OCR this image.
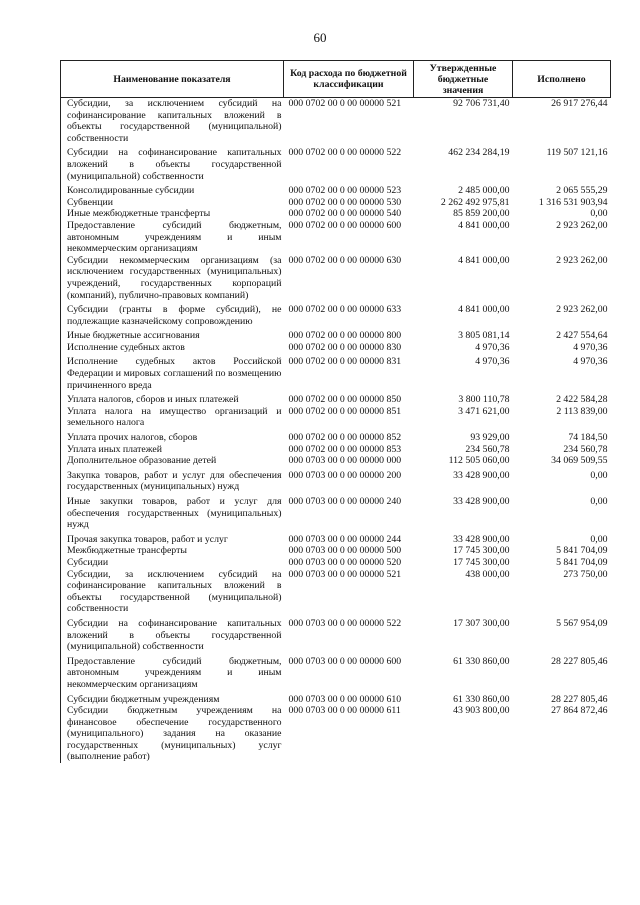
60
Наименование показателя	Код расхода по бюджетной классификации	Утвержденные бюджетные значения	Исполнено
Субсидии, за исключением субсидий на софинансирование капитальных вложений в объекты государственной (муниципальной) собственности	000 0702 00 0 00 00000 521	92 706 731,40	26 917 276,44

Субсидии на софинансирование капитальных вложений в объекты государственной (муниципальной) собственности	000 0702 00 0 00 00000 522	462 234 284,19	119 507 121,16

Консолидированные субсидии	000 0702 00 0 00 00000 523	2 485 000,00	2 065 555,29
Субвенции	000 0702 00 0 00 00000 530	2 262 492 975,81	1 316 531 903,94
Иные межбюджетные трансферты	000 0702 00 0 00 00000 540	85 859 200,00	0,00
Предоставление субсидий бюджетным, автономным учреждениям и иным некоммерческим организациям	000 0702 00 0 00 00000 600	4 841 000,00	2 923 262,00
Субсидии некоммерческим организациям (за исключением государственных (муниципальных) учреждений, государственных корпораций (компаний), публично-правовых компаний)	000 0702 00 0 00 00000 630	4 841 000,00	2 923 262,00

Субсидии (гранты в форме субсидий), не подлежащие казначейскому сопровождению	000 0702 00 0 00 00000 633	4 841 000,00	2 923 262,00

Иные бюджетные ассигнования	000 0702 00 0 00 00000 800	3 805 081,14	2 427 554,64
Исполнение судебных актов	000 0702 00 0 00 00000 830	4 970,36	4 970,36

Исполнение судебных актов Российской Федерации и мировых соглашений по возмещению причиненного вреда	000 0702 00 0 00 00000 831	4 970,36	4 970,36

Уплата налогов, сборов и иных платежей	000 0702 00 0 00 00000 850	3 800 110,78	2 422 584,28
Уплата налога на имущество организаций и земельного налога	000 0702 00 0 00 00000 851	3 471 621,00	2 113 839,00

Уплата прочих налогов, сборов	000 0702 00 0 00 00000 852	93 929,00	74 184,50
Уплата иных платежей	000 0702 00 0 00 00000 853	234 560,78	234 560,78
Дополнительное образование детей	000 0703 00 0 00 00000 000	112 505 060,00	34 069 509,55

Закупка товаров, работ и услуг для обеспечения государственных (муниципальных) нужд	000 0703 00 0 00 00000 200	33 428 900,00	0,00

Иные закупки товаров, работ и услуг для обеспечения государственных (муниципальных) нужд	000 0703 00 0 00 00000 240	33 428 900,00	0,00

Прочая закупка товаров, работ и услуг	000 0703 00 0 00 00000 244	33 428 900,00	0,00
Межбюджетные трансферты	000 0703 00 0 00 00000 500	17 745 300,00	5 841 704,09
Субсидии	000 0703 00 0 00 00000 520	17 745 300,00	5 841 704,09
Субсидии, за исключением субсидий на софинансирование капитальных вложений в объекты государственной (муниципальной) собственности	000 0703 00 0 00 00000 521	438 000,00	273 750,00

Субсидии на софинансирование капитальных вложений в объекты государственной (муниципальной) собственности	000 0703 00 0 00 00000 522	17 307 300,00	5 567 954,09

Предоставление субсидий бюджетным, автономным учреждениям и иным некоммерческим организациям	000 0703 00 0 00 00000 600	61 330 860,00	28 227 805,46

Субсидии бюджетным учреждениям	000 0703 00 0 00 00000 610	61 330 860,00	28 227 805,46
Субсидии бюджетным учреждениям на финансовое обеспечение государственного (муниципального) задания на оказание государственных (муниципальных) услуг (выполнение работ)	000 0703 00 0 00 00000 611	43 903 800,00	27 864 872,46
